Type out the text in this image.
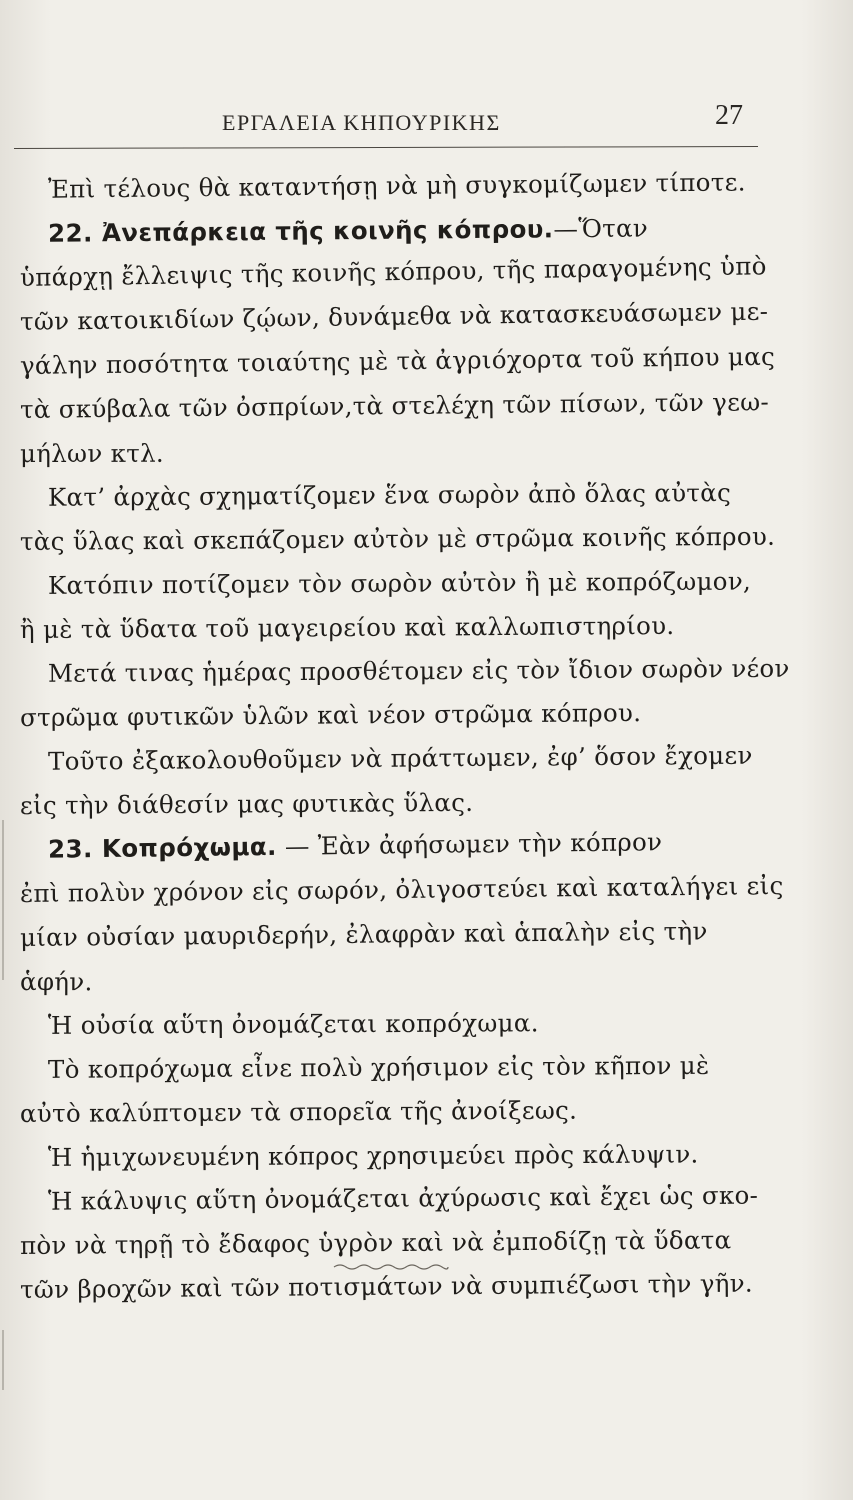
ΕΡΓΑΛΕΙΑ ΚΗΠΟΥΡΙΚΗΣ	27
Ἐπὶ τέλους θὰ καταντήσῃ νὰ μὴ συγκομίζωμεν τίποτε.
22. Ἀνεπάρκεια τῆς κοινῆς κόπρου.—Ὅταν
ὑπάρχῃ ἔλλειψις τῆς κοινῆς κόπρου, τῆς παραγομένης ὑπὸ
τῶν κατοικιδίων ζῴων, δυνάμεθα νὰ κατασκευάσωμεν με-
γάλην ποσότητα τοιαύτης μὲ τὰ ἀγριόχορτα τοῦ κήπου μας
τὰ σκύβαλα τῶν ὀσπρίων,τὰ στελέχη τῶν πίσων, τῶν γεω-
μήλων κτλ.
Κατ’ ἀρχὰς σχηματίζομεν ἕνα σωρὸν ἀπὸ ὅλας αὐτὰς
τὰς ὕλας καὶ σκεπάζομεν αὐτὸν μὲ στρῶμα κοινῆς κόπρου.
Κατόπιν ποτίζομεν τὸν σωρὸν αὐτὸν ἢ μὲ κοπρόζωμον,
ἢ μὲ τὰ ὕδατα τοῦ μαγειρείου καὶ καλλωπιστηρίου.
Μετά τινας ἡμέρας προσθέτομεν εἰς τὸν ἴδιον σωρὸν νέον
στρῶμα φυτικῶν ὑλῶν καὶ νέον στρῶμα κόπρου.
Τοῦτο ἐξακολουθοῦμεν νὰ πράττωμεν, ἐφ’ ὅσον ἔχομεν
εἰς τὴν διάθεσίν μας φυτικὰς ὕλας.
23. Κοπρόχωμα. — Ἐὰν ἀφήσωμεν τὴν κόπρον
ἐπὶ πολὺν χρόνον εἰς σωρόν, ὀλιγοστεύει καὶ καταλήγει εἰς
μίαν οὐσίαν μαυριδερήν, ἐλαφρὰν καὶ ἁπαλὴν εἰς τὴν
ἁφήν.
Ἡ οὐσία αὕτη ὀνομάζεται κοπρόχωμα.
Τὸ κοπρόχωμα εἶνε πολὺ χρήσιμον εἰς τὸν κῆπον μὲ
αὐτὸ καλύπτομεν τὰ σπορεῖα τῆς ἀνοίξεως.
Ἡ ἡμιχωνευμένη κόπρος χρησιμεύει πρὸς κάλυψιν.
Ἡ κάλυψις αὕτη ὀνομάζεται ἀχύρωσις καὶ ἔχει ὡς σκο-
πὸν νὰ τηρῇ τὸ ἔδαφος ὑγρὸν καὶ νὰ ἐμποδίζῃ τὰ ὕδατα
τῶν βροχῶν καὶ τῶν ποτισμάτων νὰ συμπιέζωσι τὴν γῆν.
